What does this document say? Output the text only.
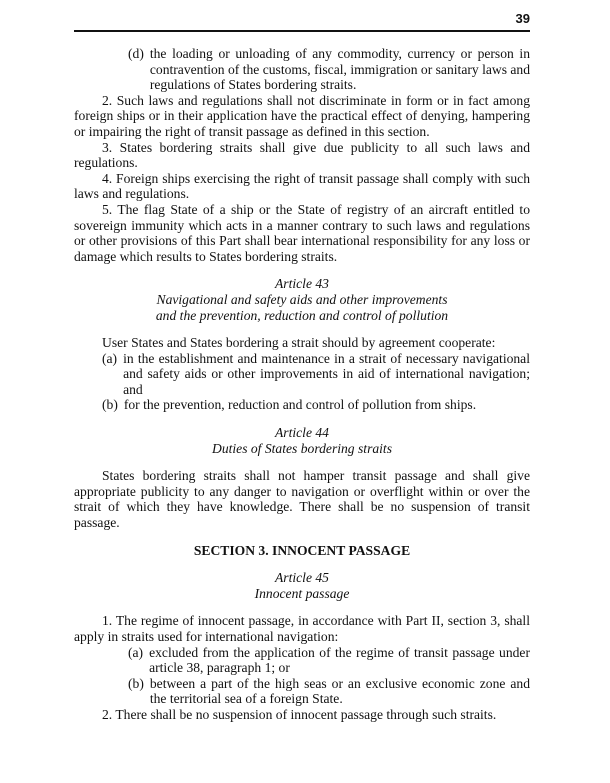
39
(d) the loading or unloading of any commodity, currency or person in contravention of the customs, fiscal, immigration or sanitary laws and regulations of States bordering straits.

2. Such laws and regulations shall not discriminate in form or in fact among foreign ships or in their application have the practical effect of denying, hampering or impairing the right of transit passage as defined in this section.

3. States bordering straits shall give due publicity to all such laws and regulations.

4. Foreign ships exercising the right of transit passage shall comply with such laws and regulations.

5. The flag State of a ship or the State of registry of an aircraft entitled to sovereign immunity which acts in a manner contrary to such laws and regulations or other provisions of this Part shall bear international responsibility for any loss or damage which results to States bordering straits.

Article 43

Navigational and safety aids and other improvements

and the prevention, reduction and control of pollution

User States and States bordering a strait should by agreement cooperate:

(a) in the establishment and maintenance in a strait of necessary navigational and safety aids or other improvements in aid of international navigation; and
(b) for the prevention, reduction and control of pollution from ships.

Article 44

Duties of States bordering straits

States bordering straits shall not hamper transit passage and shall give appropriate publicity to any danger to navigation or overflight within or over the strait of which they have knowledge. There shall be no suspension of transit passage.

SECTION 3. INNOCENT PASSAGE

Article 45

Innocent passage

1. The regime of innocent passage, in accordance with Part II, section 3, shall apply in straits used for international navigation:

(a) excluded from the application of the regime of transit passage under article 38, paragraph 1; or
(b) between a part of the high seas or an exclusive economic zone and the territorial sea of a foreign State.

2. There shall be no suspension of innocent passage through such straits.
